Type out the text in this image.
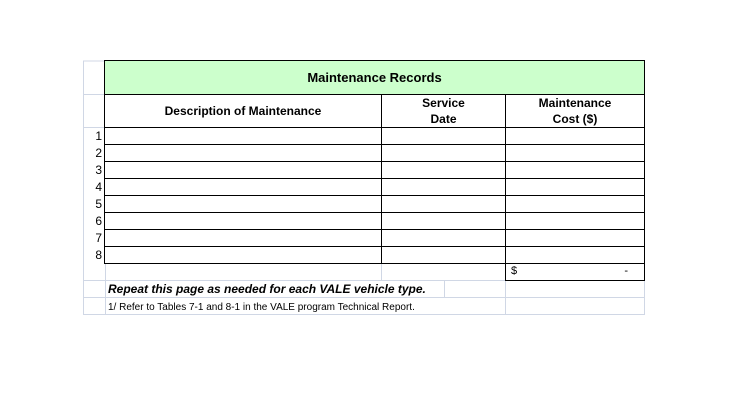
Maintenance Records
Description of Maintenance
Service
Date
Maintenance
Cost ($)
1
2
3
4
5
6
7
8
$	-
Repeat this page as needed for each VALE vehicle type.
1/ Refer to Tables 7-1 and 8-1 in the VALE program Technical Report.
